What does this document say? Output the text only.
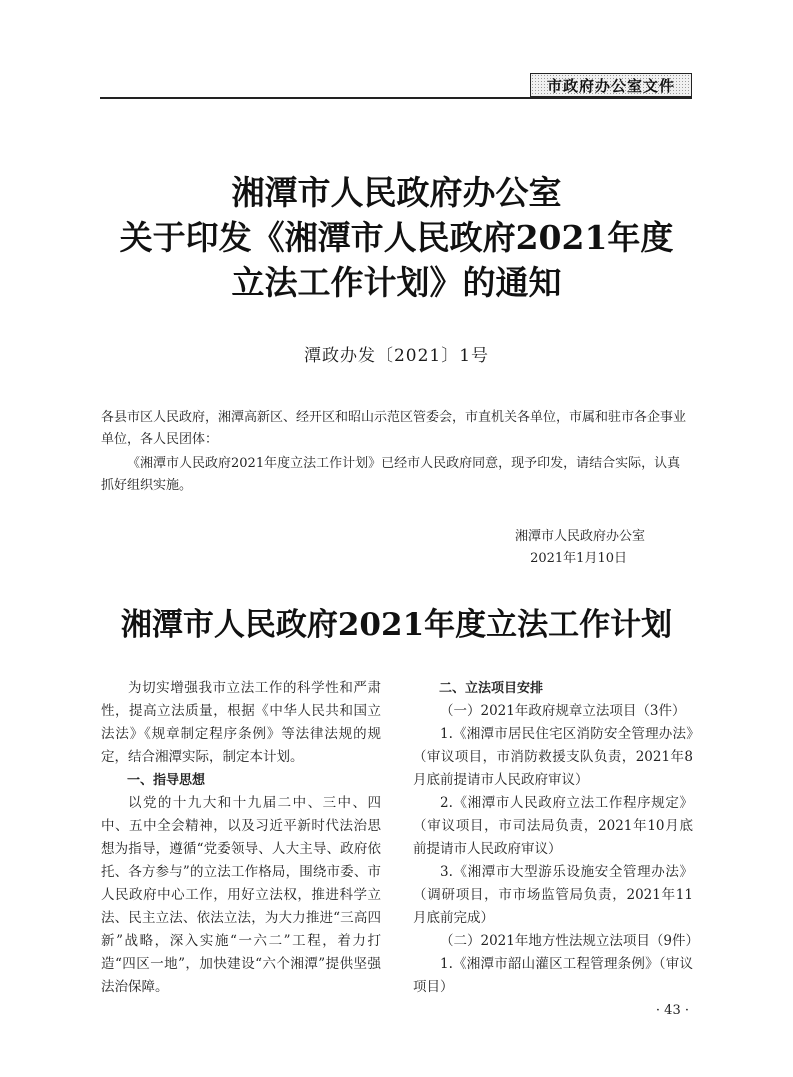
市政府办公室文件
湘潭市人民政府办公室
关于印发《湘潭市人民政府2021年度
立法工作计划》的通知
潭政办发〔2021〕1号
各县市区人民政府，湘潭高新区、经开区和昭山示范区管委会，市直机关各单位，市属和驻市各企事业单位，各人民团体：
《湘潭市人民政府2021年度立法工作计划》已经市人民政府同意，现予印发，请结合实际，认真抓好组织实施。
湘潭市人民政府办公室
2021年1月10日
湘潭市人民政府2021年度立法工作计划

为切实增强我市立法工作的科学性和严肃性，提高立法质量，根据《中华人民共和国立法法》《规章制定程序条例》等法律法规的规定，结合湘潭实际，制定本计划。

一、指导思想

以党的十九大和十九届二中、三中、四中、五中全会精神，以及习近平新时代法治思想为指导，遵循“党委领导、人大主导、政府依托、各方参与”的立法工作格局，围绕市委、市人民政府中心工作，用好立法权，推进科学立法、民主立法、依法立法，为大力推进“三高四新”战略，深入实施“一六二”工程，着力打造“四区一地”，加快建设“六个湘潭”提供坚强法治保障。

二、立法项目安排

（一）2021年政府规章立法项目（3件）

1.《湘潭市居民住宅区消防安全管理办法》（审议项目，市消防救援支队负责，2021年8月底前提请市人民政府审议）

2.《湘潭市人民政府立法工作程序规定》（审议项目，市司法局负责，2021年10月底前提请市人民政府审议）

3.《湘潭市大型游乐设施安全管理办法》（调研项目，市市场监管局负责，2021年11月底前完成）

（二）2021年地方性法规立法项目（9件）

1.《湘潭市韶山灌区工程管理条例》（审议项目）

· 43 ·
